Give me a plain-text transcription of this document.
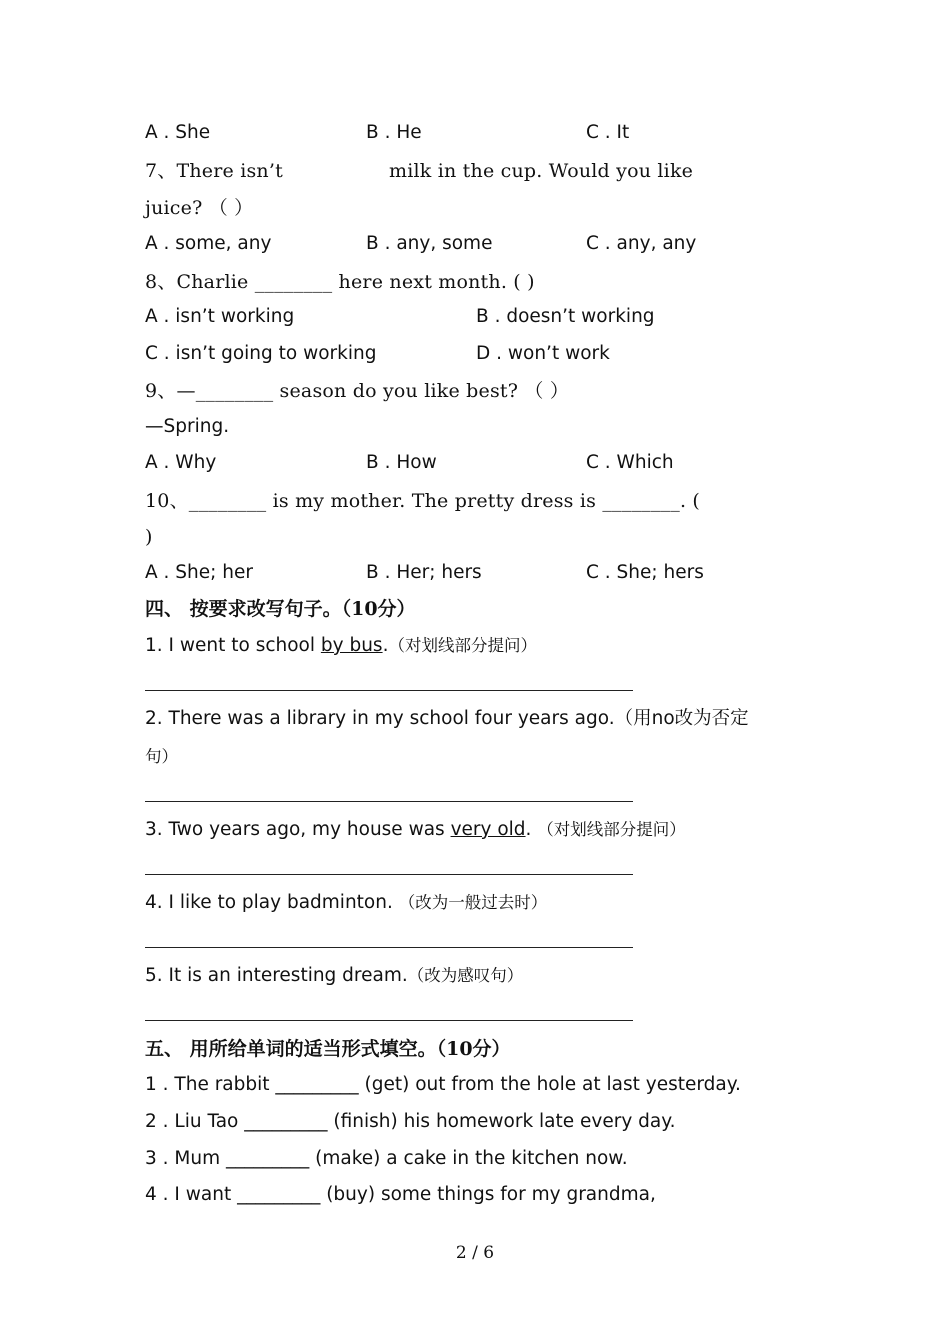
A . She	B . He	C . It
7、There isn’t	milk in the cup. Would you like
juice? （ ）
A . some, any	B . any, some	C . any, any
8、Charlie ________ here next month. ( )
A . isn’t working	B . doesn’t working
C . isn’t going to working	D . won’t work
9、—________ season do you like best? （ ）
—Spring.
A . Why	B . How	C . Which
10、________ is my mother. The pretty dress is ________. (
)
A . She; her	B . Her; hers	C . She; hers
四、 按要求改写句子。（10分）
1. I went to school by bus.（对划线部分提问）
2. There was a library in my school four years ago.（用no改为否定
句）
3. Two years ago, my house was very old. （对划线部分提问）
4. I like to play badminton. （改为一般过去时）
5. It is an interesting dream.（改为感叹句）
五、 用所给单词的适当形式填空。（10分）
1 . The rabbit _________ (get) out from the hole at last yesterday.
2 . Liu Tao _________ (finish) his homework late every day.
3 . Mum _________ (make) a cake in the kitchen now.
4 . I want _________ (buy) some things for my grandma,
2 / 6
